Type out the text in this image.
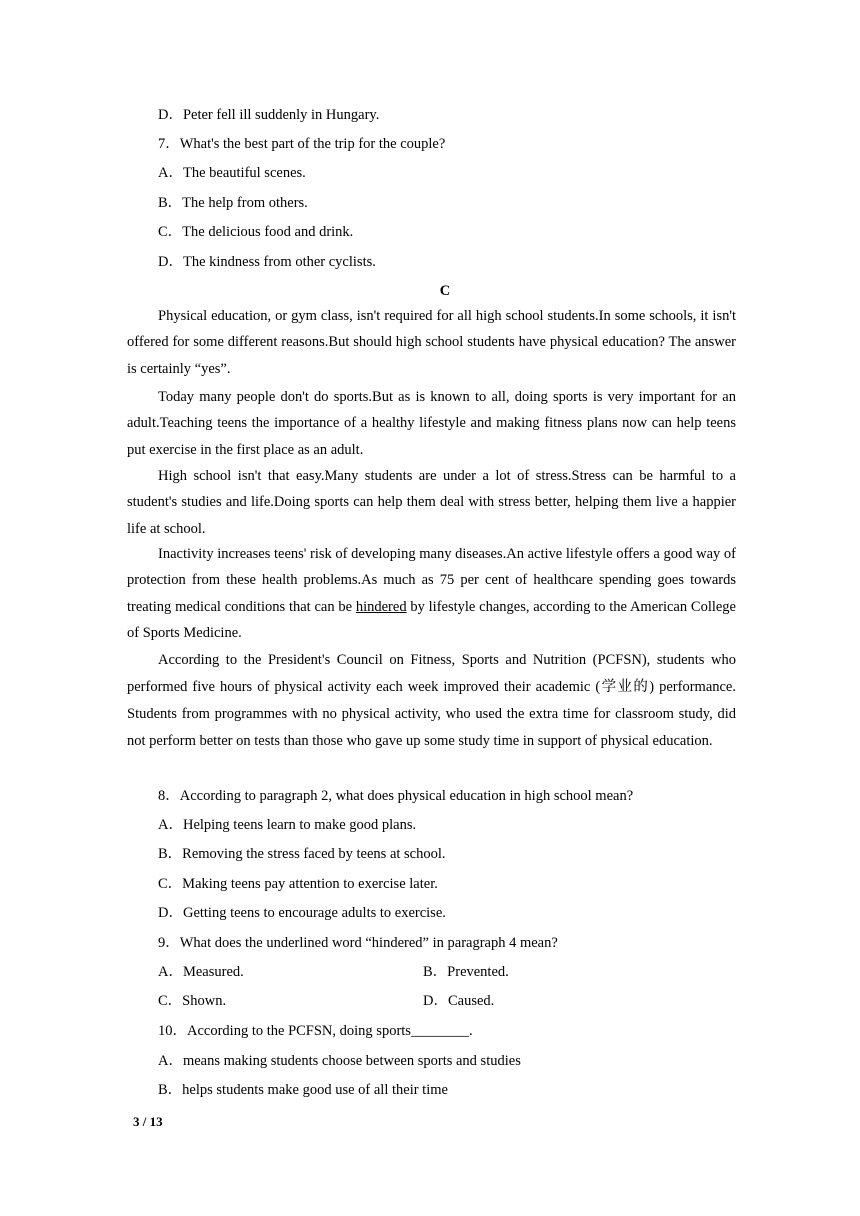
D．Peter fell ill suddenly in Hungary.
7．What's the best part of the trip for the couple?
A．The beautiful scenes.
B．The help from others.
C．The delicious food and drink.
D．The kindness from other cyclists.
C

Physical education, or gym class, isn't required for all high school students.In some schools, it isn't offered for some different reasons.But should high school students have physical education? The answer is certainly “yes”.

Today many people don't do sports.But as is known to all, doing sports is very important for an adult.Teaching teens the importance of a healthy lifestyle and making fitness plans now can help teens put exercise in the first place as an adult.

High school isn't that easy.Many students are under a lot of stress.Stress can be harmful to a student's studies and life.Doing sports can help them deal with stress better, helping them live a happier life at school.

Inactivity increases teens' risk of developing many diseases.An active lifestyle offers a good way of protection from these health problems.As much as 75 per cent of healthcare spending goes towards treating medical conditions that can be hindered by lifestyle changes, according to the American College of Sports Medicine.

According to the President's Council on Fitness, Sports and Nutrition (PCFSN), students who performed five hours of physical activity each week improved their academic (学业的) performance. Students from programmes with no physical activity, who used the extra time for classroom study, did not perform better on tests than those who gave up some study time in support of physical education.

8．According to paragraph 2, what does physical education in high school mean?
A．Helping teens learn to make good plans.
B．Removing the stress faced by teens at school.
C．Making teens pay attention to exercise later.
D．Getting teens to encourage adults to exercise.
9．What does the underlined word “hindered” in paragraph 4 mean?
A．Measured.	B．Prevented.
C．Shown.	D．Caused.
10．According to the PCFSN, doing sports________.
A．means making students choose between sports and studies
B．helps students make good use of all their time
3 / 13
